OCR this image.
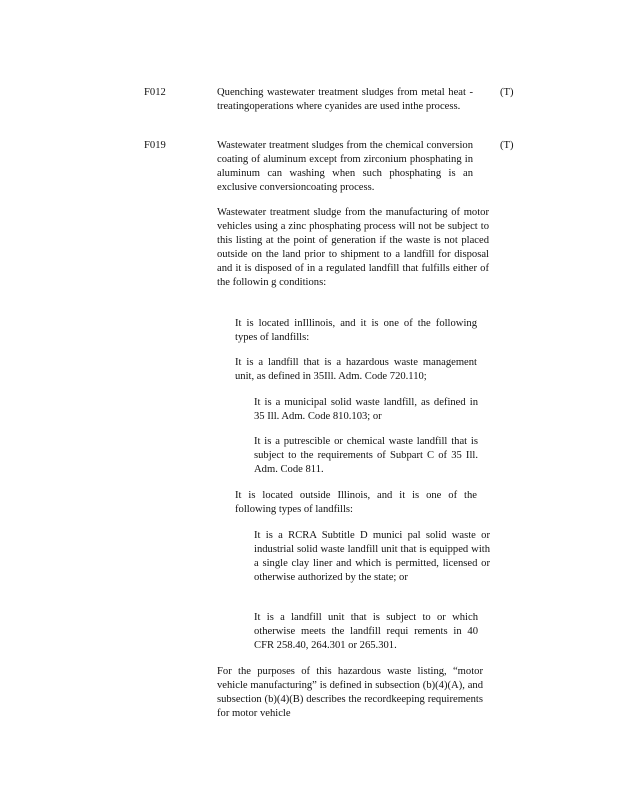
F012	Quenching wastewater treatment sludges from metal heat -treatingoperations where cyanides are used inthe process.
(T)
F019	Wastewater treatment sludges from the chemical conversion coating of aluminum except from zirconium phosphating in aluminum can washing when such phosphating is an exclusive conversioncoating process.
(T)
Wastewater treatment sludge from the manufacturing of motor vehicles using a zinc phosphating process will not be subject to this listing at the point of generation if the waste is not placed outside on the land prior to shipment to a landfill for disposal and it is disposed of in a regulated landfill that fulfills either of the followin g conditions:
It is located inIllinois, and it is one of the following types of landfills:
It is a landfill that is a hazardous waste management unit, as defined in 35Ill. Adm. Code 720.110;
It is a municipal solid waste landfill, as defined in 35 Ill. Adm. Code 810.103; or
It is a putrescible or chemical waste landfill that is subject to the requirements of Subpart C of 35 Ill. Adm. Code 811.
It is located outside Illinois, and it is one of the following types of landfills:
It is a RCRA Subtitle D munici pal solid waste or industrial solid waste landfill unit that is equipped with a single clay liner and which is permitted, licensed or otherwise authorized by the state; or
It is a landfill unit that is subject to or which otherwise meets the landfill requi rements in 40 CFR 258.40, 264.301 or 265.301.
For the purposes of this hazardous waste listing, “motor vehicle manufacturing” is defined in subsection (b)(4)(A), and subsection (b)(4)(B) describes the recordkeeping requirements for motor vehicle
